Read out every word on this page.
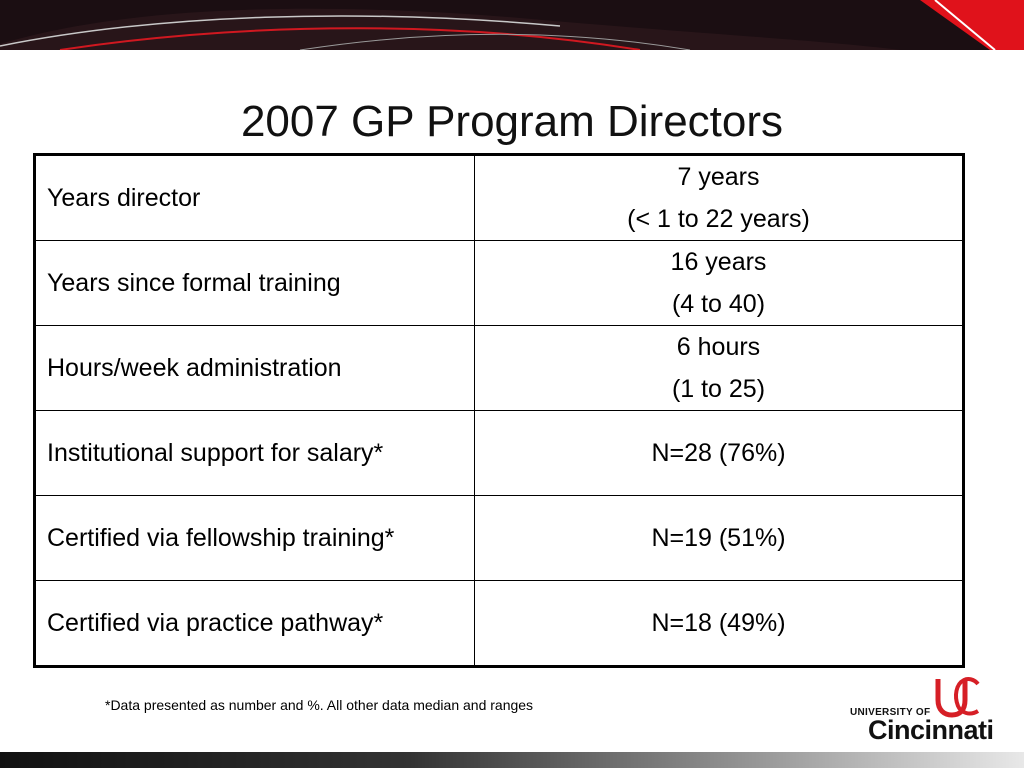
2007 GP Program Directors
Years director	7 years
(< 1 to 22 years)

Years since formal training	16 years
(4 to 40)

Hours/week administration	6 hours
(1 to 25)

Institutional support for salary*	N=28 (76%)
Certified via fellowship training*	N=19 (51%)
Certified via practice pathway*	N=18 (49%)
*Data presented as number and %. All other data median and ranges	UNIVERSITY OF
Cincinnati
